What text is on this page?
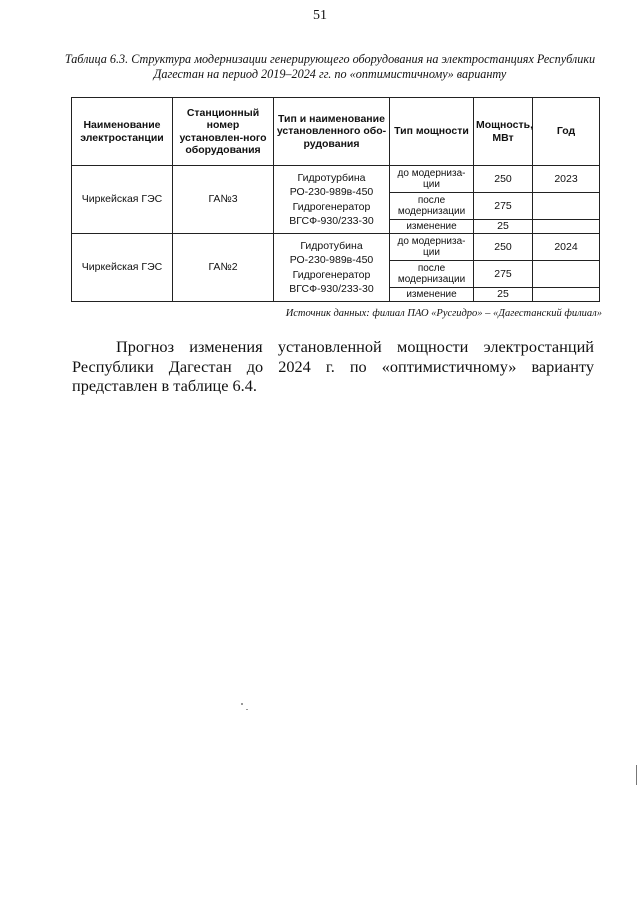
51
Таблица 6.3. Структура модернизации генерирующего оборудования на электростанциях Республики Дагестан на период 2019–2024 гг. по «оптимистичному» варианту
Наименование электростанции	Станционный номер установлен-ного оборудования	Тип и наименование установленного обо-рудования	Тип мощности	Мощность, МВт	Год
Чиркейская ГЭС	ГА№3	Гидротурбина
РО-230-989в-450
Гидрогенератор
ВГСФ-930/233-30	до модерниза-ции	250	2023
			после модернизации	275	
			изменение	25	
Чиркейская ГЭС	ГА№2	Гидротубина
РО-230-989в-450
Гидрогенератор
ВГСФ-930/233-30	до модерниза-ции	250	2024
			после модернизации	275	
			изменение	25	
Источник данных: филиал ПАО «Русгидро» – «Дагестанский филиал»
Прогноз изменения установленной мощности электростанций Республики Дагестан до 2024 г. по «оптимистичному» варианту представлен в таблице 6.4.
